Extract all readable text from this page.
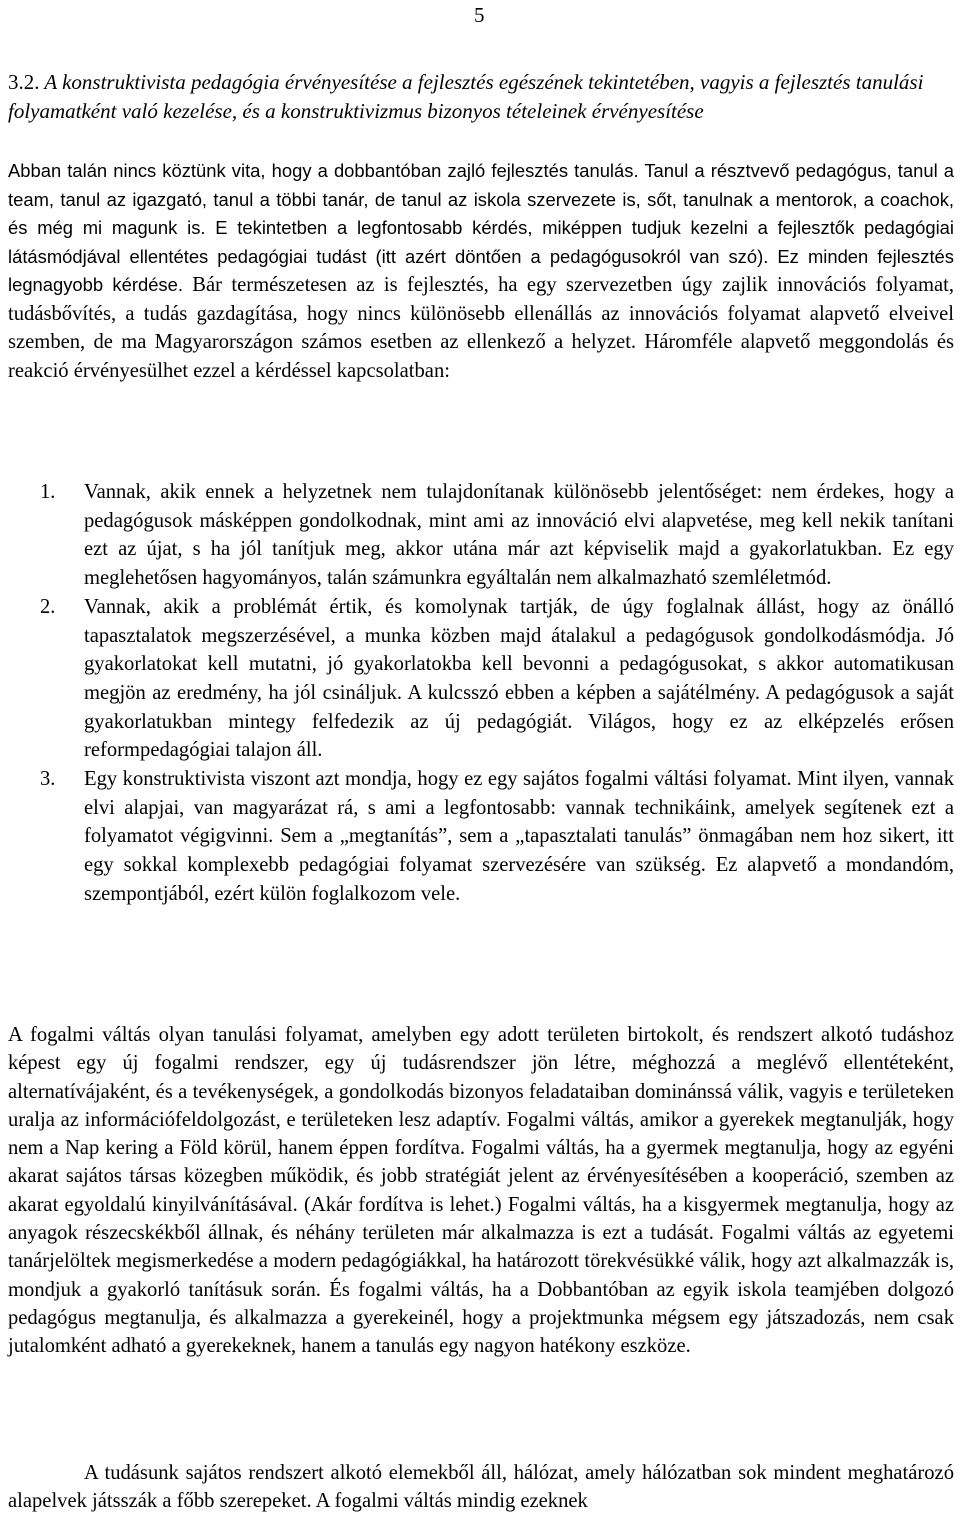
5
3.2. A konstruktivista pedagógia érvényesítése a fejlesztés egészének tekintetében, vagyis a fejlesztés tanulási folyamatként való kezelése, és a konstruktivizmus bizonyos tételeinek érvényesítése
Abban talán nincs köztünk vita, hogy a dobbantóban zajló fejlesztés tanulás. Tanul a résztvevő pedagógus, tanul a team, tanul az igazgató, tanul a többi tanár, de tanul az iskola szervezete is, sőt, tanulnak a mentorok, a coachok, és még mi magunk is. E tekintetben a legfontosabb kérdés, miképpen tudjuk kezelni a fejlesztők pedagógiai látásmódjával ellentétes pedagógiai tudást (itt azért döntően a pedagógusokról van szó). Ez minden fejlesztés legnagyobb kérdése. Bár természetesen az is fejlesztés, ha egy szervezetben úgy zajlik innovációs folyamat, tudásbővítés, a tudás gazdagítása, hogy nincs különösebb ellenállás az innovációs folyamat alapvető elveivel szemben, de ma Magyarországon számos esetben az ellenkező a helyzet. Háromféle alapvető meggondolás és reakció érvényesülhet ezzel a kérdéssel kapcsolatban:
1. Vannak, akik ennek a helyzetnek nem tulajdonítanak különösebb jelentőséget: nem érdekes, hogy a pedagógusok másképpen gondolkodnak, mint ami az innováció elvi alapvetése, meg kell nekik tanítani ezt az újat, s ha jól tanítjuk meg, akkor utána már azt képviselik majd a gyakorlatukban. Ez egy meglehetősen hagyományos, talán számunkra egyáltalán nem alkalmazható szemléletmód.
2. Vannak, akik a problémát értik, és komolynak tartják, de úgy foglalnak állást, hogy az önálló tapasztalatok megszerzésével, a munka közben majd átalakul a pedagógusok gondolkodásmódja. Jó gyakorlatokat kell mutatni, jó gyakorlatokba kell bevonni a pedagógusokat, s akkor automatikusan megjön az eredmény, ha jól csináljuk. A kulcsszó ebben a képben a sajátélmény. A pedagógusok a saját gyakorlatukban mintegy felfedezik az új pedagógiát. Világos, hogy ez az elképzelés erősen reformpedagógiai talajon áll.
3. Egy konstruktivista viszont azt mondja, hogy ez egy sajátos fogalmi váltási folyamat. Mint ilyen, vannak elvi alapjai, van magyarázat rá, s ami a legfontosabb: vannak technikáink, amelyek segítenek ezt a folyamatot végigvinni. Sem a „megtanítás”, sem a „tapasztalati tanulás” önmagában nem hoz sikert, itt egy sokkal komplexebb pedagógiai folyamat szervezésére van szükség. Ez alapvető a mondandóm, szempontjából, ezért külön foglalkozom vele.
A fogalmi váltás olyan tanulási folyamat, amelyben egy adott területen birtokolt, és rendszert alkotó tudáshoz képest egy új fogalmi rendszer, egy új tudásrendszer jön létre, méghozzá a meglévő ellentéteként, alternatívájaként, és a tevékenységek, a gondolkodás bizonyos feladataiban dominánssá válik, vagyis e területeken uralja az információfeldolgozást, e területeken lesz adaptív. Fogalmi váltás, amikor a gyerekek megtanulják, hogy nem a Nap kering a Föld körül, hanem éppen fordítva. Fogalmi váltás, ha a gyermek megtanulja, hogy az egyéni akarat sajátos társas közegben működik, és jobb stratégiát jelent az érvényesítésében a kooperáció, szemben az akarat egyoldalú kinyilvánításával. (Akár fordítva is lehet.) Fogalmi váltás, ha a kisgyermek megtanulja, hogy az anyagok részecskékből állnak, és néhány területen már alkalmazza is ezt a tudását. Fogalmi váltás az egyetemi tanárjelöltek megismerkedése a modern pedagógiákkal, ha határozott törekvésükké válik, hogy azt alkalmazzák is, mondjuk a gyakorló tanításuk során. És fogalmi váltás, ha a Dobbantóban az egyik iskola teamjében dolgozó pedagógus megtanulja, és alkalmazza a gyerekeinél, hogy a projektmunka mégsem egy játszadozás, nem csak jutalomként adható a gyerekeknek, hanem a tanulás egy nagyon hatékony eszköze.
A tudásunk sajátos rendszert alkotó elemekből áll, hálózat, amely hálózatban sok mindent meghatározó alapelvek játsszák a főbb szerepeket. A fogalmi váltás mindig ezeknek
